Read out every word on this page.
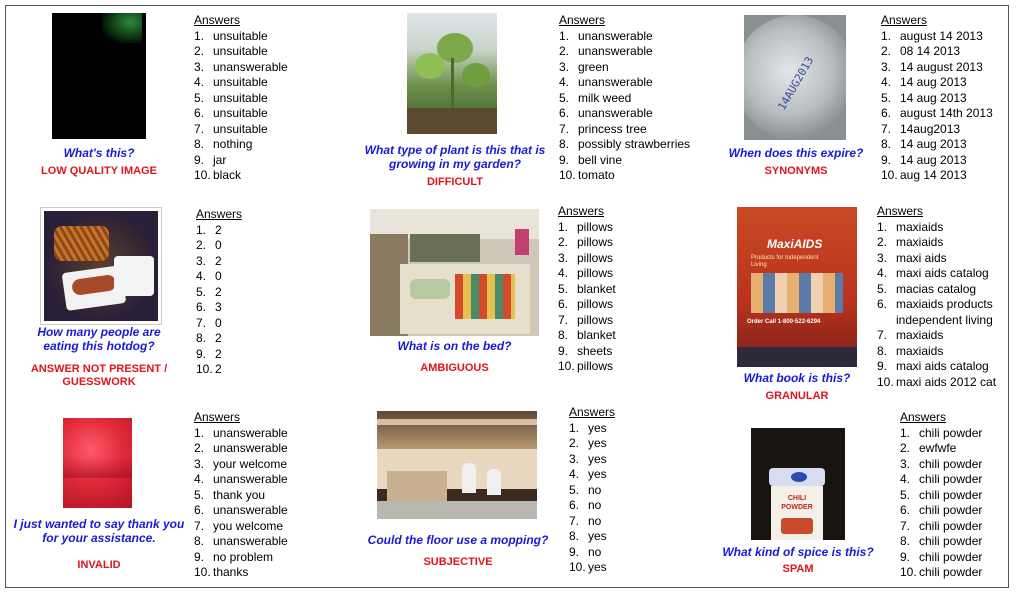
What's this?
LOW QUALITY IMAGE
Answers
1. unsuitable
2. unsuitable
3. unanswerable
4. unsuitable
5. unsuitable
6. unsuitable
7. unsuitable
8. nothing
9. jar
10. black
What type of plant is this that is growing in my garden?
DIFFICULT
Answers
1. unanswerable
2. unanswerable
3. green
4. unanswerable
5. milk weed
6. unanswerable
7. princess tree
8. possibly strawberries
9. bell vine
10. tomato
14AUG2013
When does this expire?
SYNONYMS
Answers
1. august 14 2013
2. 08 14 2013
3. 14 august 2013
4. 14 aug 2013
5. 14 aug 2013
6. august 14th 2013
7. 14aug2013
8. 14 aug 2013
9. 14 aug 2013
10. aug 14 2013
How many people are eating this hotdog?
ANSWER NOT PRESENT / GUESSWORK
Answers
1. 2
2. 0
3. 2
4. 0
5. 2
6. 3
7. 0
8. 2
9. 2
10. 2
What is on the bed?
AMBIGUOUS
Answers
1. pillows
2. pillows
3. pillows
4. pillows
5. blanket
6. pillows
7. pillows
8. blanket
9. sheets
10. pillows
MaxiAIDS
Products for Independent Living
Order Call 1-800-522-6294
What book is this?
GRANULAR
Answers
1. maxiaids
2. maxiaids
3. maxi aids
4. maxi aids catalog
5. macias catalog
6. maxiaids products independent living
7. maxiaids
8. maxiaids
9. maxi aids catalog
10. maxi aids 2012 cat
I just wanted to say thank you for your assistance.
INVALID
Answers
1. unanswerable
2. unanswerable
3. your welcome
4. unanswerable
5. thank you
6. unanswerable
7. you welcome
8. unanswerable
9. no problem
10. thanks
Could the floor use a mopping?
SUBJECTIVE
Answers
1. yes
2. yes
3. yes
4. yes
5. no
6. no
7. no
8. yes
9. no
10. yes
CHILI POWDER
What kind of spice is this?
SPAM
Answers
1. chili powder
2. ewfwfe
3. chili powder
4. chili powder
5. chili powder
6. chili powder
7. chili powder
8. chili powder
9. chili powder
10. chili powder
